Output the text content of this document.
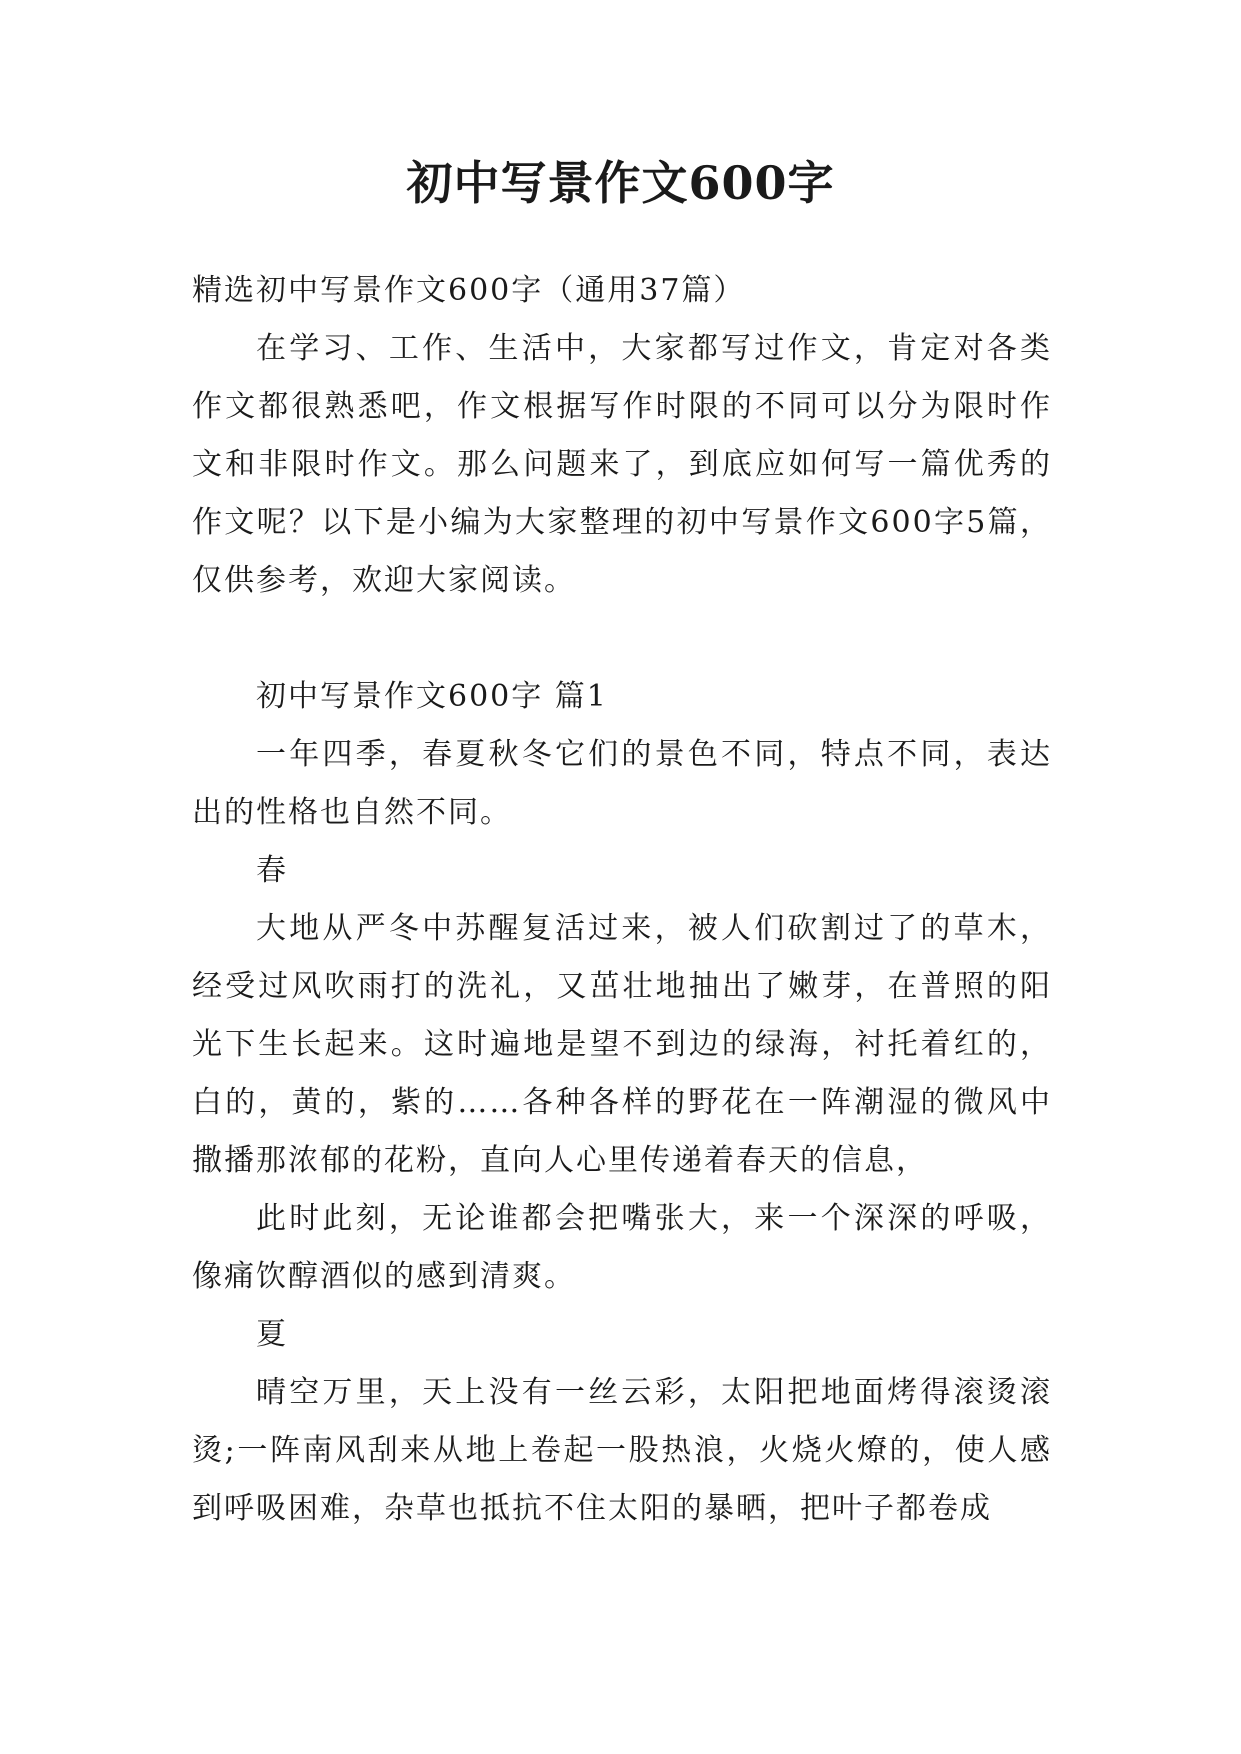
初中写景作文600字

精选初中写景作文600字（通用37篇）

在学习、工作、生活中，大家都写过作文，肯定对各类作文都很熟悉吧，作文根据写作时限的不同可以分为限时作文和非限时作文。那么问题来了，到底应如何写一篇优秀的作文呢？以下是小编为大家整理的初中写景作文600字5篇，仅供参考，欢迎大家阅读。

初中写景作文600字 篇1

一年四季，春夏秋冬它们的景色不同，特点不同，表达出的性格也自然不同。

春

大地从严冬中苏醒复活过来，被人们砍割过了的草木，经受过风吹雨打的洗礼，又茁壮地抽出了嫩芽，在普照的阳光下生长起来。这时遍地是望不到边的绿海，衬托着红的，白的，黄的，紫的……各种各样的野花在一阵潮湿的微风中撒播那浓郁的花粉，直向人心里传递着春天的信息，

此时此刻，无论谁都会把嘴张大，来一个深深的呼吸，像痛饮醇酒似的感到清爽。

夏

晴空万里，天上没有一丝云彩，太阳把地面烤得滚烫滚烫;一阵南风刮来从地上卷起一股热浪，火烧火燎的，使人感到呼吸困难，杂草也抵抗不住太阳的暴晒，把叶子都卷成
